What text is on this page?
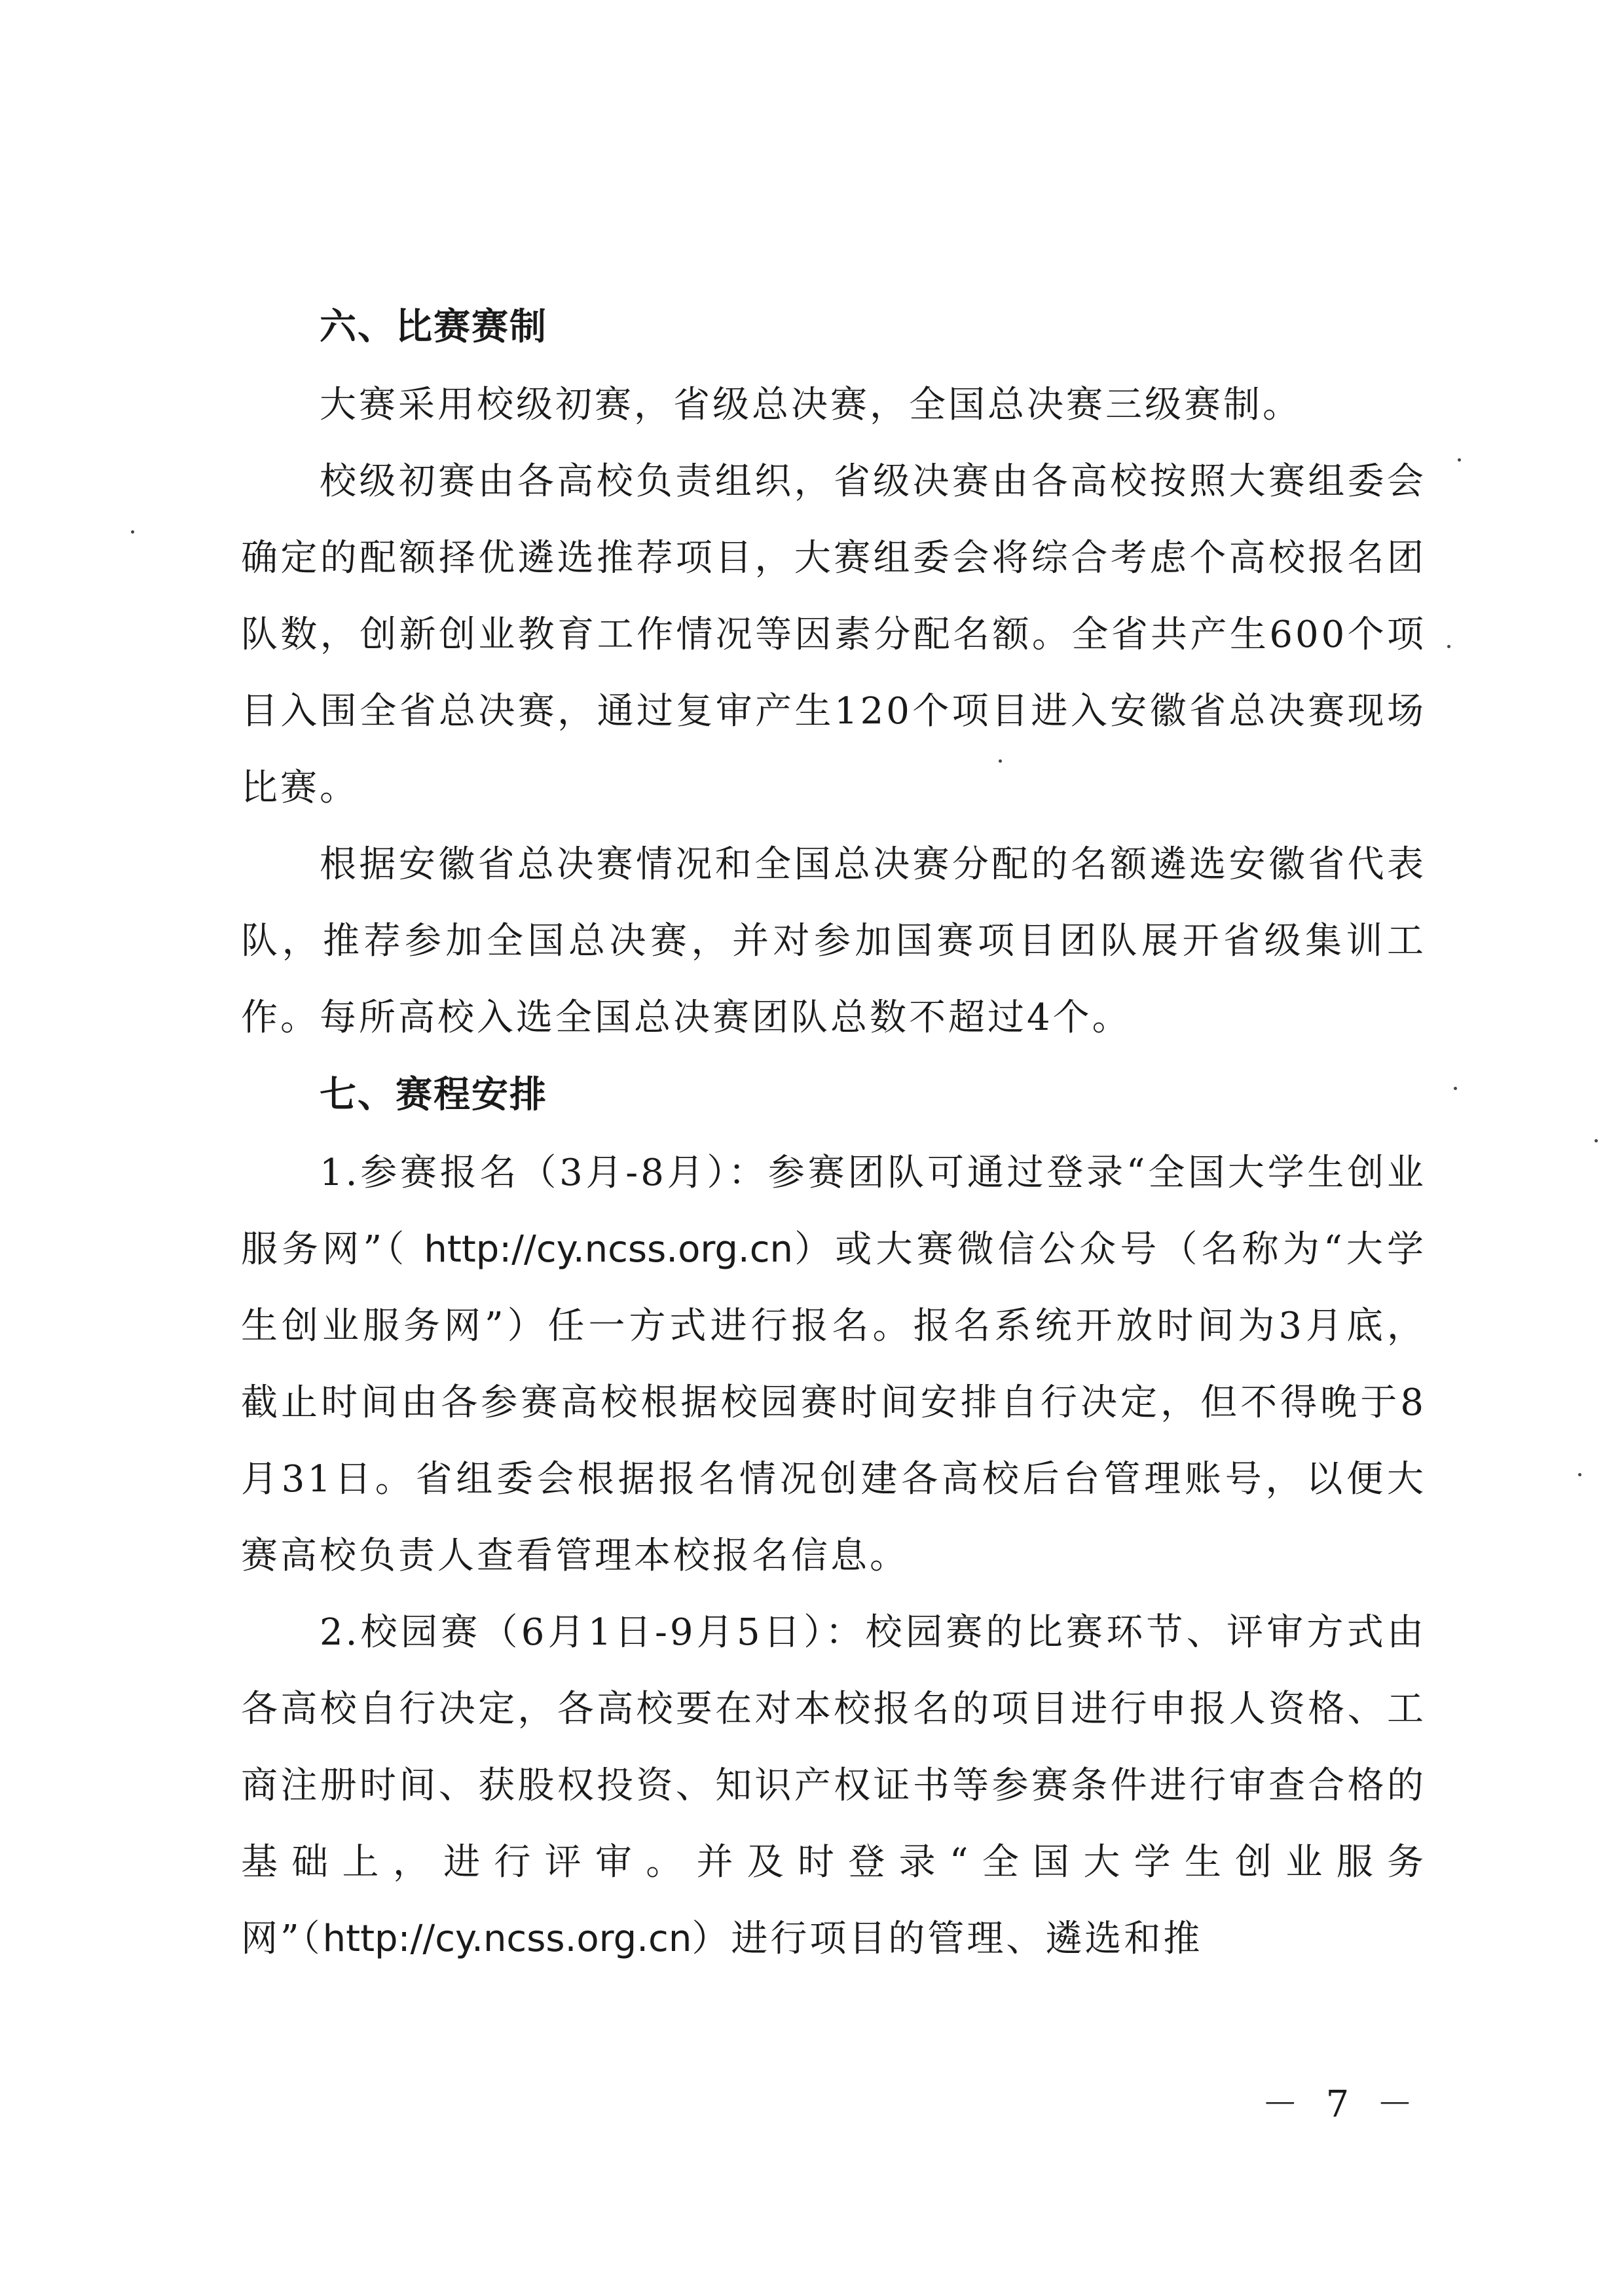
六、比赛赛制

大赛采用校级初赛，省级总决赛，全国总决赛三级赛制。

校级初赛由各高校负责组织，省级决赛由各高校按照大赛组委会确定的配额择优遴选推荐项目，大赛组委会将综合考虑个高校报名团队数，创新创业教育工作情况等因素分配名额。全省共产生600个项目入围全省总决赛，通过复审产生120个项目进入安徽省总决赛现场比赛。

根据安徽省总决赛情况和全国总决赛分配的名额遴选安徽省代表队，推荐参加全国总决赛，并对参加国赛项目团队展开省级集训工作。每所高校入选全国总决赛团队总数不超过4个。

七、赛程安排

1.参赛报名（3月-8月）：参赛团队可通过登录“全国大学生创业服务网”（ http://cy.ncss.org.cn）或大赛微信公众号（名称为“大学生创业服务网”）任一方式进行报名。报名系统开放时间为3月底，截止时间由各参赛高校根据校园赛时间安排自行决定，但不得晚于8月31日。省组委会根据报名情况创建各高校后台管理账号，以便大赛高校负责人查看管理本校报名信息。

2.校园赛（6月1日-9月5日）：校园赛的比赛环节、评审方式由各高校自行决定，各高校要在对本校报名的项目进行申报人资格、工商注册时间、获股权投资、知识产权证书等参赛条件进行审查合格的基础上，进行评审。并及时登录“全国大学生创业服务网”（http://cy.ncss.org.cn）进行项目的管理、遴选和推

－ 7 －
